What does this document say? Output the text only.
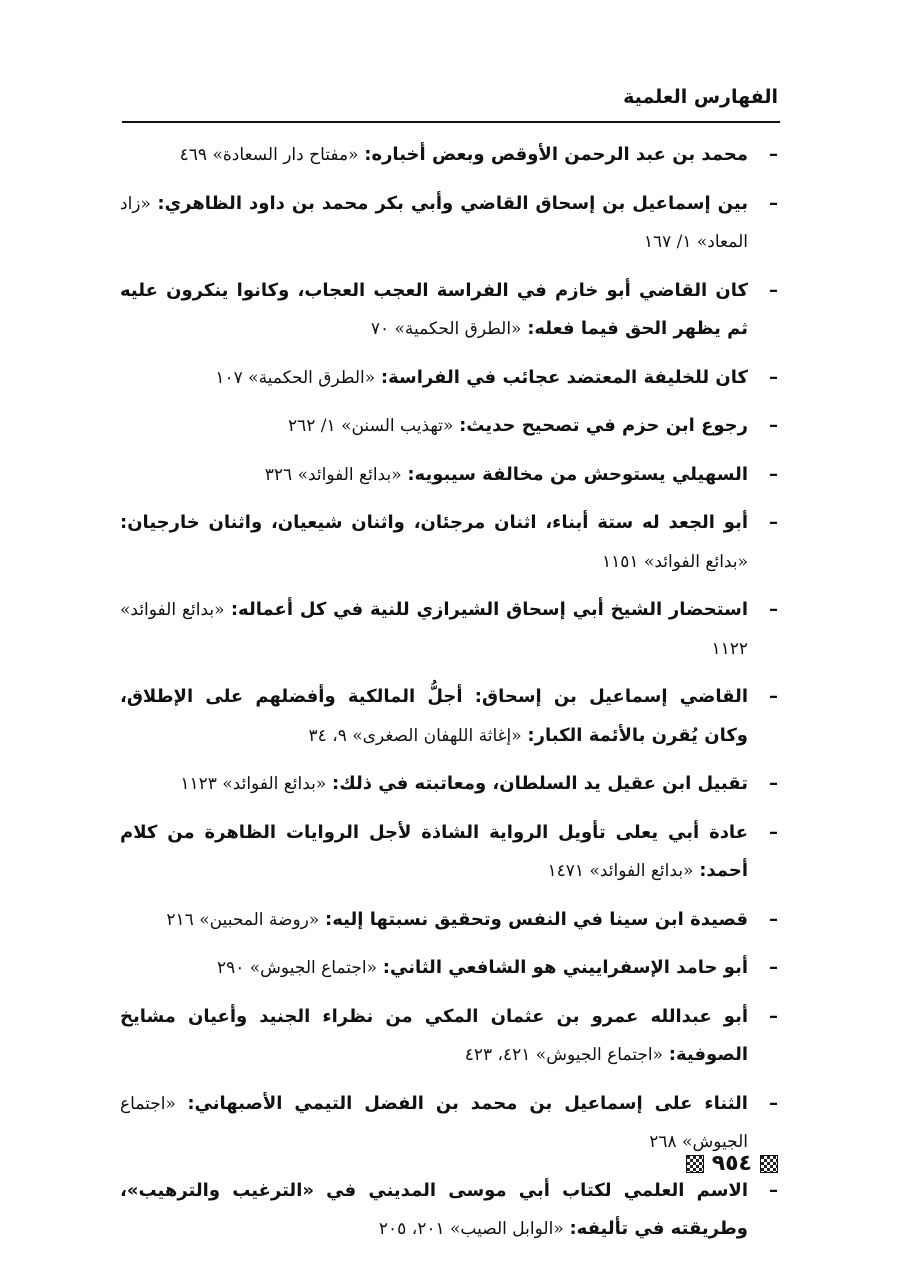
الفهارس العلمية
–
محمد بن عبد الرحمن الأوقص وبعض أخباره: «مفتاح دار السعادة» ٤٦٩
–
بين إسماعيل بن إسحاق القاضي وأبي بكر محمد بن داود الظاهري: «زاد المعاد» ١/ ١٦٧
–
كان القاضي أبو خازم في الفراسة العجب العجاب، وكانوا ينكرون عليه ثم يظهر الحق فيما فعله: «الطرق الحكمية» ٧٠
–
كان للخليفة المعتضد عجائب في الفراسة: «الطرق الحكمية» ١٠٧
–
رجوع ابن حزم في تصحيح حديث: «تهذيب السنن» ١/ ٢٦٢
–
السهيلي يستوحش من مخالفة سيبويه: «بدائع الفوائد» ٣٢٦
–
أبو الجعد له ستة أبناء، اثنان مرجئان، واثنان شيعيان، واثنان خارجيان: «بدائع الفوائد» ١١٥١
–
استحضار الشيخ أبي إسحاق الشيرازي للنية في كل أعماله: «بدائع الفوائد» ١١٢٢
–
القاضي إسماعيل بن إسحاق: أجلُّ المالكية وأفضلهم على الإطلاق، وكان يُقرن بالأئمة الكبار: «إغاثة اللهفان الصغرى» ٩، ٣٤
–
تقبيل ابن عقيل يد السلطان، ومعاتبته في ذلك: «بدائع الفوائد» ١١٢٣
–
عادة أبي يعلى تأويل الرواية الشاذة لأجل الروايات الظاهرة من كلام أحمد: «بدائع الفوائد» ١٤٧١
–
قصيدة ابن سينا في النفس وتحقيق نسبتها إليه: «روضة المحبين» ٢١٦
–
أبو حامد الإسفراييني هو الشافعي الثاني: «اجتماع الجيوش» ٢٩٠
–
أبو عبدالله عمرو بن عثمان المكي من نظراء الجنيد وأعيان مشايخ الصوفية: «اجتماع الجيوش» ٤٢١، ٤٢٣
–
الثناء على إسماعيل بن محمد بن الفضل التيمي الأصبهاني: «اجتماع الجيوش» ٢٦٨
–
الاسم العلمي لكتاب أبي موسى المديني في «الترغيب والترهيب»، وطريقته في تأليفه: «الوابل الصيب» ٢٠١، ٢٠٥
٩٥٤
